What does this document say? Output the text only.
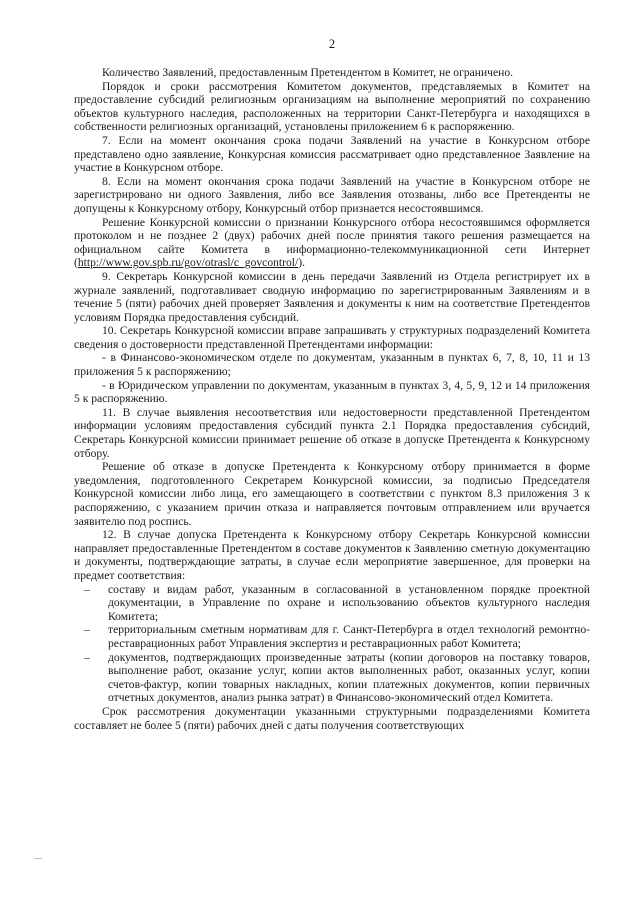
2

Количество Заявлений, предоставленным Претендентом в Комитет, не ограничено.

Порядок и сроки рассмотрения Комитетом документов, представляемых в Комитет на предоставление субсидий религиозным организациям на выполнение мероприятий по сохранению объектов культурного наследия, расположенных на территории Санкт-Петербурга и находящихся в собственности религиозных организаций, установлены приложением 6 к распоряжению.

7. Если на момент окончания срока подачи Заявлений на участие в Конкурсном отборе представлено одно заявление, Конкурсная комиссия рассматривает одно представленное Заявление на участие в Конкурсном отборе.

8. Если на момент окончания срока подачи Заявлений на участие в Конкурсном отборе не зарегистрировано ни одного Заявления, либо все Заявления отозваны, либо все Претенденты не допущены к Конкурсному отбору, Конкурсный отбор признается несостоявшимся.

Решение Конкурсной комиссии о признании Конкурсного отбора несостоявшимся оформляется протоколом и не позднее 2 (двух) рабочих дней после принятия такого решения размещается на официальном сайте Комитета в информационно-телекоммуникационной сети Интернет (http://www.gov.spb.ru/gov/otrasl/c_govcontrol/).

9. Секретарь Конкурсной комиссии в день передачи Заявлений из Отдела регистрирует их в журнале заявлений, подготавливает сводную информацию по зарегистрированным Заявлениям и в течение 5 (пяти) рабочих дней проверяет Заявления и документы к ним на соответствие Претендентов условиям Порядка предоставления субсидий.

10. Секретарь Конкурсной комиссии вправе запрашивать у структурных подразделений Комитета сведения о достоверности представленной Претендентами информации:

- в Финансово-экономическом отделе по документам, указанным в пунктах 6, 7, 8, 10, 11 и 13 приложения 5 к распоряжению;

- в Юридическом управлении по документам, указанным в пунктах 3, 4, 5, 9, 12 и 14 приложения 5 к распоряжению.

11. В случае выявления несоответствия или недостоверности представленной Претендентом информации условиям предоставления субсидий пункта 2.1 Порядка предоставления субсидий, Секретарь Конкурсной комиссии принимает решение об отказе в допуске Претендента к Конкурсному отбору.

Решение об отказе в допуске Претендента к Конкурсному отбору принимается в форме уведомления, подготовленного Секретарем Конкурсной комиссии, за подписью Председателя Конкурсной комиссии либо лица, его замещающего в соответствии с пунктом 8.3 приложения 3 к распоряжению, с указанием причин отказа и направляется почтовым отправлением или вручается заявителю под роспись.

12. В случае допуска Претендента к Конкурсному отбору Секретарь Конкурсной комиссии направляет предоставленные Претендентом в составе документов к Заявлению сметную документацию и документы, подтверждающие затраты, в случае если мероприятие завершенное, для проверки на предмет соответствия:

– составу и видам работ, указанным в согласованной в установленном порядке проектной документации, в Управление по охране и использованию объектов культурного наследия Комитета;
– территориальным сметным нормативам для г. Санкт-Петербурга в отдел технологий ремонтно-реставрационных работ Управления экспертиз и реставрационных работ Комитета;
– документов, подтверждающих произведенные затраты (копии договоров на поставку товаров, выполнение работ, оказание услуг, копии актов выполненных работ, оказанных услуг, копии счетов-фактур, копии товарных накладных, копии платежных документов, копии первичных отчетных документов, анализ рынка затрат) в Финансово-экономический отдел Комитета.

Срок рассмотрения документации указанными структурными подразделениями Комитета составляет не более 5 (пяти) рабочих дней с даты получения соответствующих
